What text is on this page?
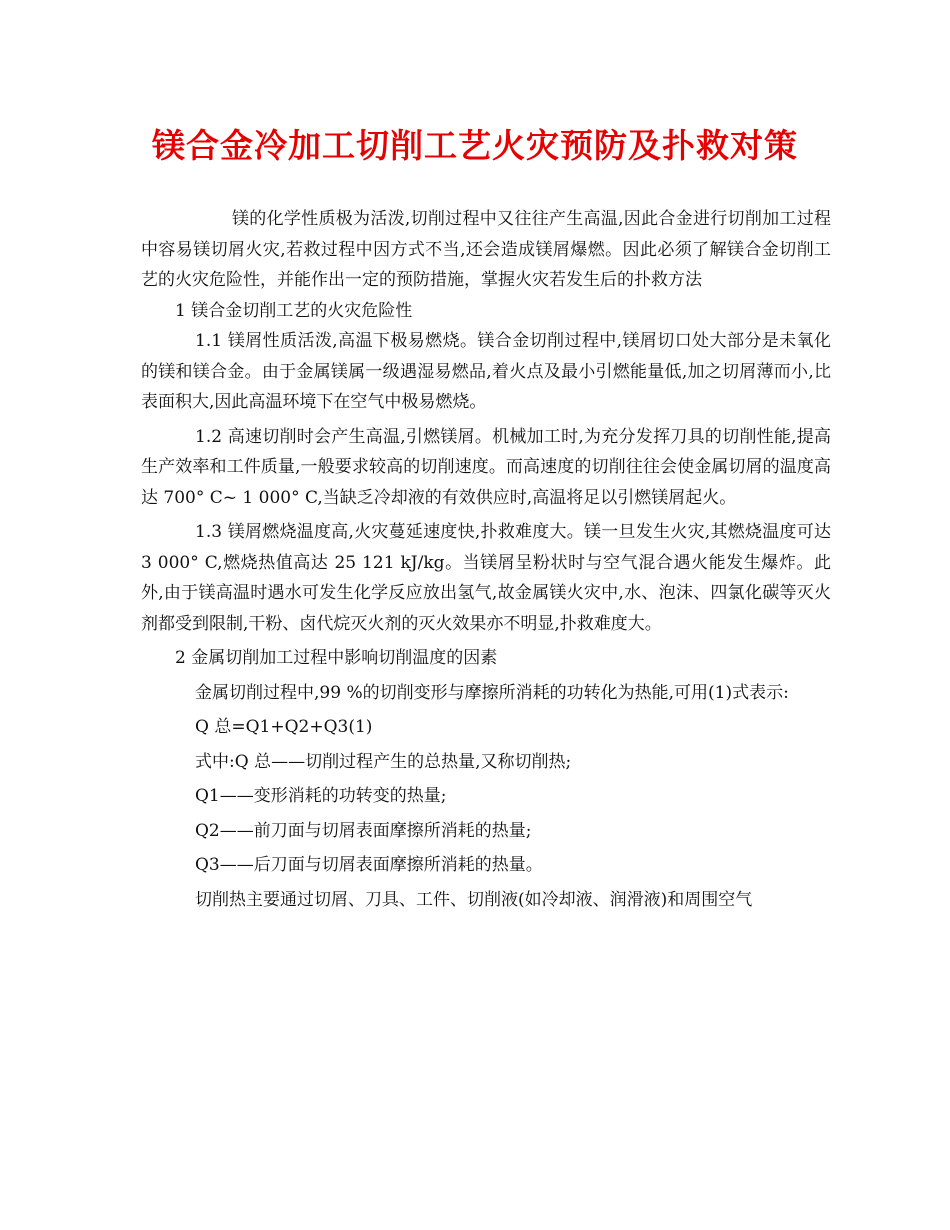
镁合金冷加工切削工艺火灾预防及扑救对策

镁的化学性质极为活泼,切削过程中又往往产生高温,因此合金进行切削加工过程中容易镁切屑火灾,若救过程中因方式不当,还会造成镁屑爆燃。因此必须了解镁合金切削工艺的火灾危险性，并能作出一定的预防措施，掌握火灾若发生后的扑救方法

1 镁合金切削工艺的火灾危险性

1.1 镁屑性质活泼,高温下极易燃烧。镁合金切削过程中,镁屑切口处大部分是未氧化的镁和镁合金。由于金属镁属一级遇湿易燃品,着火点及最小引燃能量低,加之切屑薄而小,比表面积大,因此高温环境下在空气中极易燃烧。

1.2 高速切削时会产生高温,引燃镁屑。机械加工时,为充分发挥刀具的切削性能,提高生产效率和工件质量,一般要求较高的切削速度。而高速度的切削往往会使金属切屑的温度高达 700° C~ 1 000° C,当缺乏冷却液的有效供应时,高温将足以引燃镁屑起火。

1.3 镁屑燃烧温度高,火灾蔓延速度快,扑救难度大。镁一旦发生火灾,其燃烧温度可达 3 000° C,燃烧热值高达 25 121 kJ/kg。当镁屑呈粉状时与空气混合遇火能发生爆炸。此外,由于镁高温时遇水可发生化学反应放出氢气,故金属镁火灾中,水、泡沫、四氯化碳等灭火剂都受到限制,干粉、卤代烷灭火剂的灭火效果亦不明显,扑救难度大。

2 金属切削加工过程中影响切削温度的因素

金属切削过程中,99 %的切削变形与摩擦所消耗的功转化为热能,可用(1)式表示:

Q 总=Q1+Q2+Q3(1)

式中:Q 总——切削过程产生的总热量,又称切削热;

Q1——变形消耗的功转变的热量;

Q2——前刀面与切屑表面摩擦所消耗的热量;

Q3——后刀面与切屑表面摩擦所消耗的热量。

切削热主要通过切屑、刀具、工件、切削液(如冷却液、润滑液)和周围空气
